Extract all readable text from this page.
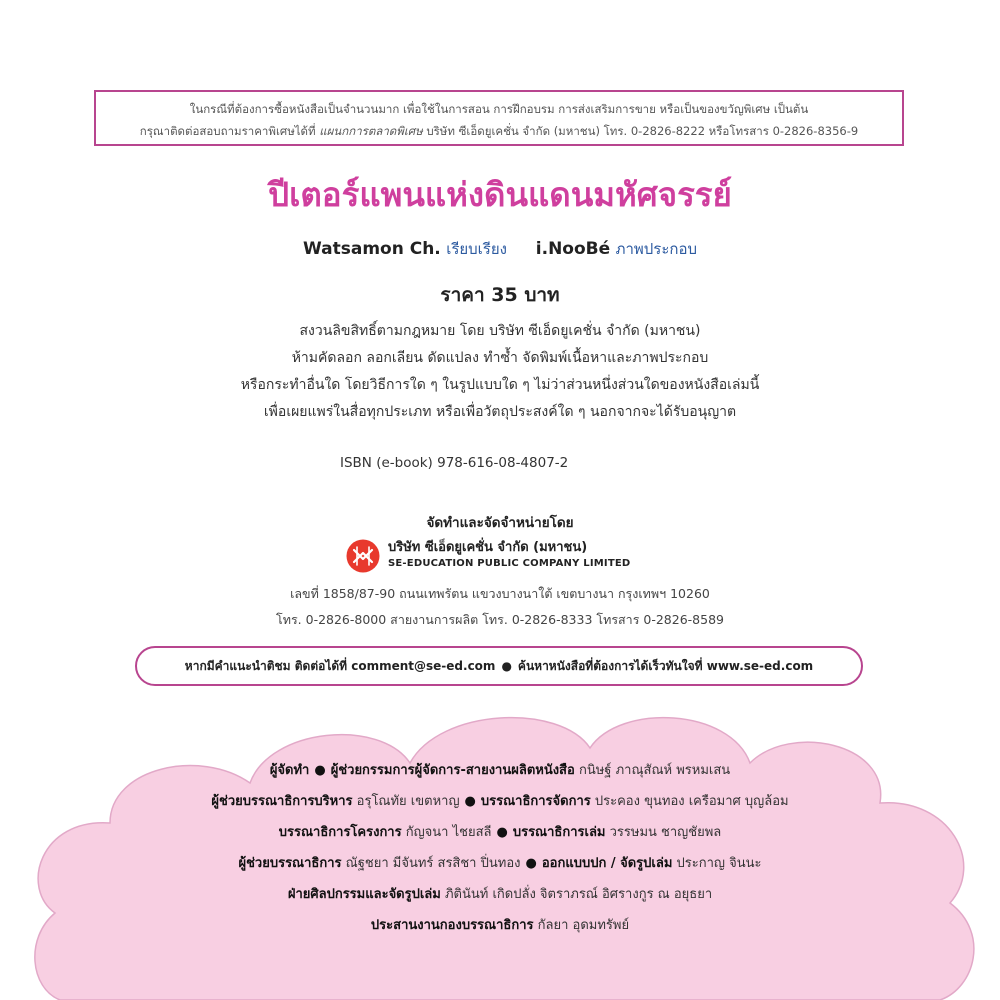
ในกรณีที่ต้องการซื้อหนังสือเป็นจำนวนมาก เพื่อใช้ในการสอน การฝึกอบรม การส่งเสริมการขาย หรือเป็นของขวัญพิเศษ เป็นต้น

กรุณาติดต่อสอบถามราคาพิเศษได้ที่ แผนกการตลาดพิเศษ บริษัท ซีเอ็ดยูเคชั่น จำกัด (มหาชน) โทร. 0-2826-8222 หรือโทรสาร 0-2826-8356-9

ปีเตอร์แพนแห่งดินแดนมหัศจรรย์
Watsamon Ch. เรียบเรียง i.NooBé ภาพประกอบ
ราคา 35 บาท

สงวนลิขสิทธิ์ตามกฎหมาย โดย บริษัท ซีเอ็ดยูเคชั่น จำกัด (มหาชน)

ห้ามคัดลอก ลอกเลียน ดัดแปลง ทำซ้ำ จัดพิมพ์เนื้อหาและภาพประกอบ

หรือกระทำอื่นใด โดยวิธีการใด ๆ ในรูปแบบใด ๆ ไม่ว่าส่วนหนึ่งส่วนใดของหนังสือเล่มนี้

เพื่อเผยแพร่ในสื่อทุกประเภท หรือเพื่อวัตถุประสงค์ใด ๆ นอกจากจะได้รับอนุญาต

ISBN (e-book) 978-616-08-4807-2
จัดทำและจัดจำหน่ายโดย
บริษัท ซีเอ็ดยูเคชั่น จำกัด (มหาชน)
SE-EDUCATION PUBLIC COMPANY LIMITED

เลขที่ 1858/87-90 ถนนเทพรัตน แขวงบางนาใต้ เขตบางนา กรุงเทพฯ 10260

โทร. 0-2826-8000 สายงานการผลิต โทร. 0-2826-8333 โทรสาร 0-2826-8589

หากมีคำแนะนำติชม ติดต่อได้ที่ comment@se-ed.com ● ค้นหาหนังสือที่ต้องการได้เร็วทันใจที่ www.se-ed.com

ผู้จัดทำ ● ผู้ช่วยกรรมการผู้จัดการ-สายงานผลิตหนังสือ กนิษฐ์ ภาณุสัณห์ พรหมเสน

ผู้ช่วยบรรณาธิการบริหาร อรุโณทัย เขตหาญ ● บรรณาธิการจัดการ ประคอง ขุนทอง เครือมาศ บุญล้อม

บรรณาธิการโครงการ กัญจนา ไชยสลี ● บรรณาธิการเล่ม วรรษมน ชาญชัยพล

ผู้ช่วยบรรณาธิการ ณัฐชยา มีจันทร์ สรสิชา ปิ่นทอง ● ออกแบบปก / จัดรูปเล่ม ประกาญ จินนะ

ฝ่ายศิลปกรรมและจัดรูปเล่ม ภิตินันท์ เกิดปลั่ง จิตราภรณ์ อิศรางกูร ณ อยุธยา

ประสานงานกองบรรณาธิการ กัลยา อุดมทรัพย์
